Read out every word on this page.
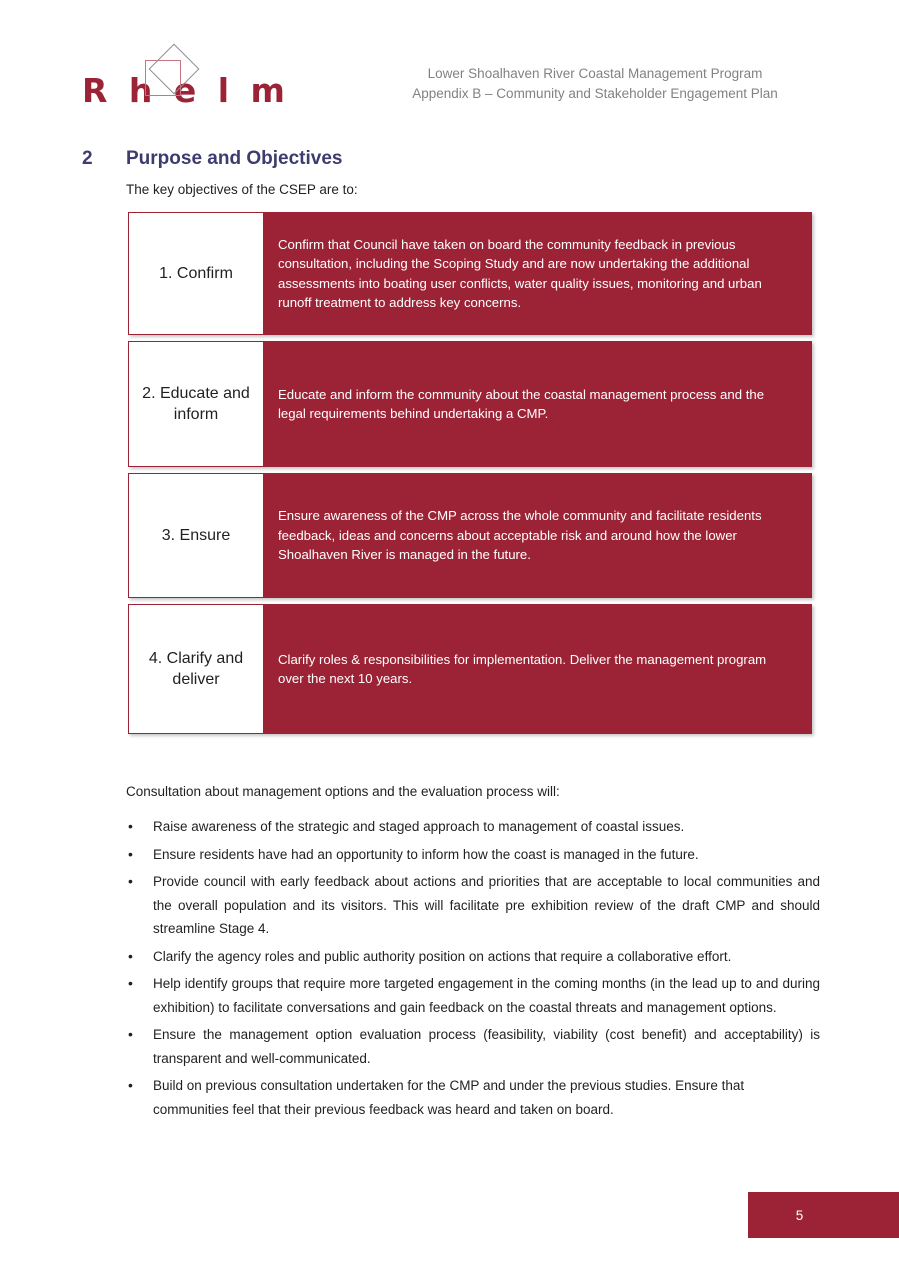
R h e l m	Lower Shoalhaven River Coastal Management Program
Appendix B – Community and Stakeholder Engagement Plan
2 Purpose and Objectives
The key objectives of the CSEP are to:
1. Confirm
Confirm that Council have taken on board the community feedback in previous consultation, including the Scoping Study and are now undertaking the additional assessments into boating user conflicts, water quality issues, monitoring and urban runoff treatment to address key concerns.
2. Educate and inform
Educate and inform the community about the coastal management process and the legal requirements behind undertaking a CMP.
3. Ensure
Ensure awareness of the CMP across the whole community and facilitate residents feedback, ideas and concerns about acceptable risk and around how the lower Shoalhaven River is managed in the future.
4. Clarify and deliver
Clarify roles & responsibilities for implementation. Deliver the management program over the next 10 years.
Consultation about management options and the evaluation process will:
• Raise awareness of the strategic and staged approach to management of coastal issues.
• Ensure residents have had an opportunity to inform how the coast is managed in the future.
• Provide council with early feedback about actions and priorities that are acceptable to local communities and the overall population and its visitors. This will facilitate pre exhibition review of the draft CMP and should streamline Stage 4.
• Clarify the agency roles and public authority position on actions that require a collaborative effort.
• Help identify groups that require more targeted engagement in the coming months (in the lead up to and during exhibition) to facilitate conversations and gain feedback on the coastal threats and management options.
• Ensure the management option evaluation process (feasibility, viability (cost benefit) and acceptability) is transparent and well-communicated.
• Build on previous consultation undertaken for the CMP and under the previous studies. Ensure that communities feel that their previous feedback was heard and taken on board.
5
